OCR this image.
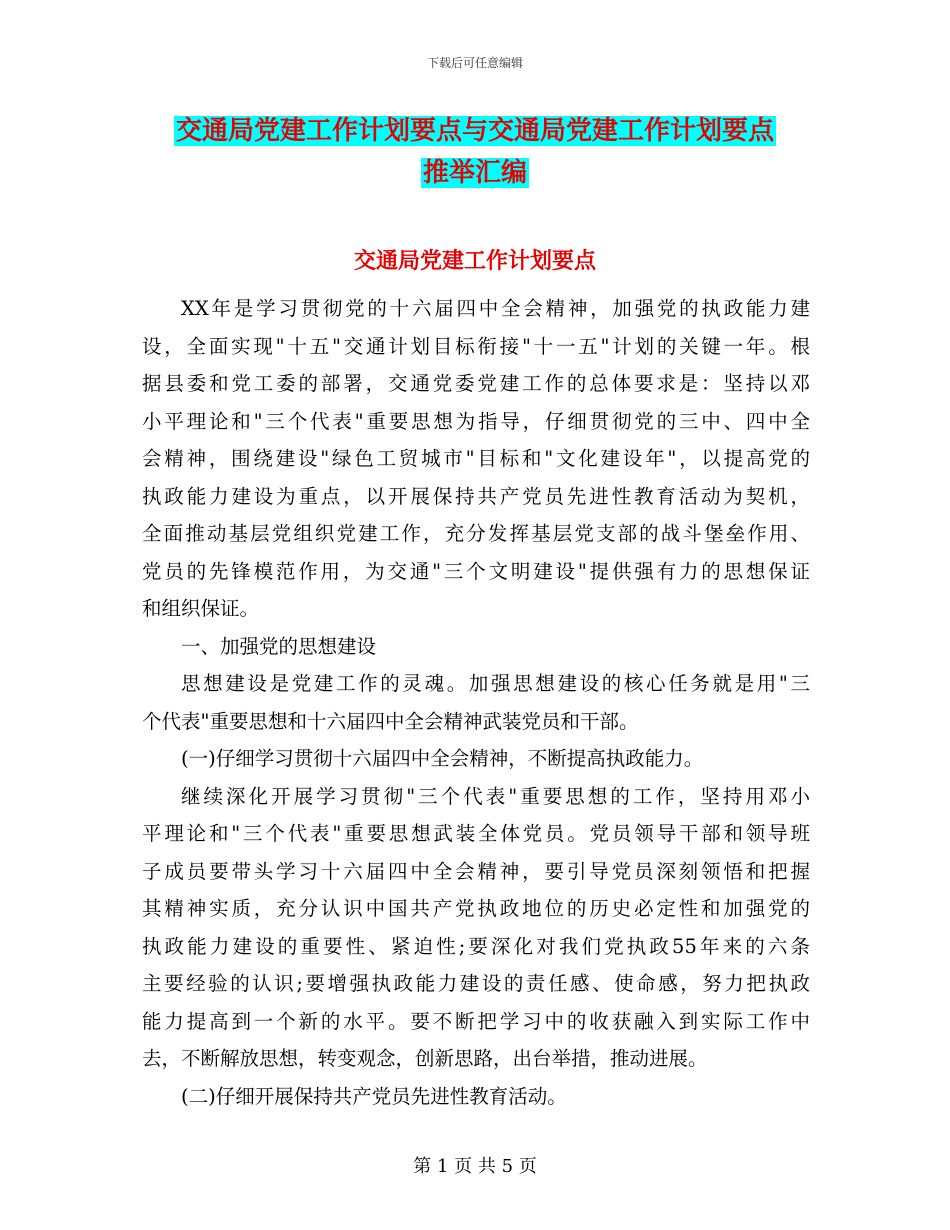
下载后可任意编辑
交通局党建工作计划要点与交通局党建工作计划要点
推举汇编
交通局党建工作计划要点
XX年是学习贯彻党的十六届四中全会精神，加强党的执政能力建
设，全面实现"十五"交通计划目标衔接"十一五"计划的关键一年。根
据县委和党工委的部署，交通党委党建工作的总体要求是：坚持以邓
小平理论和"三个代表"重要思想为指导，仔细贯彻党的三中、四中全
会精神，围绕建设"绿色工贸城市"目标和"文化建设年"，以提高党的
执政能力建设为重点，以开展保持共产党员先进性教育活动为契机，
全面推动基层党组织党建工作，充分发挥基层党支部的战斗堡垒作用、
党员的先锋模范作用，为交通"三个文明建设"提供强有力的思想保证
和组织保证。
一、加强党的思想建设
思想建设是党建工作的灵魂。加强思想建设的核心任务就是用"三
个代表"重要思想和十六届四中全会精神武装党员和干部。
(一)仔细学习贯彻十六届四中全会精神，不断提高执政能力。
继续深化开展学习贯彻"三个代表"重要思想的工作，坚持用邓小
平理论和"三个代表"重要思想武装全体党员。党员领导干部和领导班
子成员要带头学习十六届四中全会精神，要引导党员深刻领悟和把握
其精神实质，充分认识中国共产党执政地位的历史必定性和加强党的
执政能力建设的重要性、紧迫性;要深化对我们党执政55年来的六条
主要经验的认识;要增强执政能力建设的责任感、使命感，努力把执政
能力提高到一个新的水平。要不断把学习中的收获融入到实际工作中
去，不断解放思想，转变观念，创新思路，出台举措，推动进展。
(二)仔细开展保持共产党员先进性教育活动。
第 1 页 共 5 页
